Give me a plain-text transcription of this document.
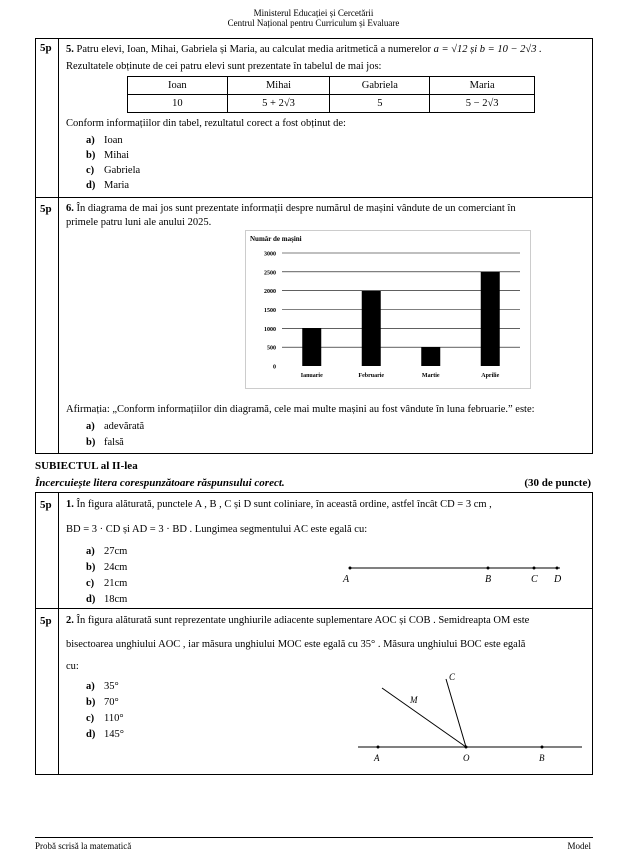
Ministerul Educației și Cercetării
Centrul Național pentru Curriculum și Evaluare
5p 5. Patru elevi, Ioan, Mihai, Gabriela și Maria, au calculat media aritmetică a numerelor a = √12 și b = 10 − 2√3 .
Rezultatele obținute de cei patru elevi sunt prezentate în tabelul de mai jos:
Ioan	Mihai	Gabriela	Maria
10	5 + 2√3	5	5 − 2√3
Conform informațiilor din tabel, rezultatul corect a fost obținut de:
a) Ioan
b) Mihai
c) Gabriela
d) Maria
5p 6. În diagrama de mai jos sunt prezentate informații despre numărul de mașini vândute de un comerciant în
primele patru luni ale anului 2025.
Număr de mașini
0
500
1000
1500
2000
2500
3000
Ianuarie	Februarie	Martie	Aprilie
Afirmația: „Conform informațiilor din diagramă, cele mai multe mașini au fost vândute în luna februarie.” este:
a) adevărată
b) falsă
SUBIECTUL al II-lea
Încercuiește litera corespunzătoare răspunsului corect.	(30 de puncte)
5p 1. În figura alăturată, punctele A , B , C și D sunt coliniare, în această ordine, astfel încât CD = 3 cm ,
BD = 3 · CD și AD = 3 · BD . Lungimea segmentului AC este egală cu:
a) 27cm
b) 24cm
c) 21cm
d) 18cm
A	B	C D
5p 2. În figura alăturată sunt reprezentate unghiurile adiacente suplementare AOC și COB . Semidreapta OM este
bisectoarea unghiului AOC , iar măsura unghiului MOC este egală cu 35° . Măsura unghiului BOC este egală
cu:
a) 35°
b) 70°
c) 110°
d) 145°
A	O	B
C
M
Probă scrisă la matematică	Model
